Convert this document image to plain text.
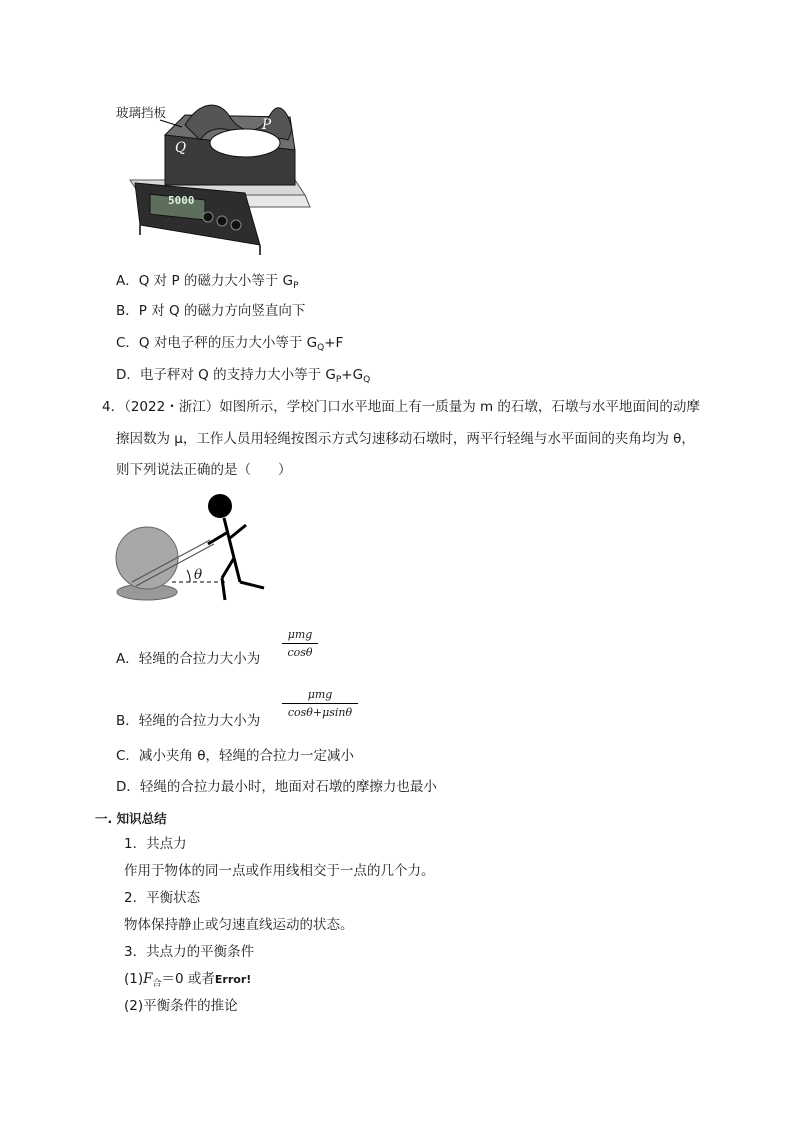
玻璃挡板
Q
P
5000
A．Q 对 P 的磁力大小等于 $G_P$
B．P 对 Q 的磁力方向竖直向下
C．Q 对电子秤的压力大小等于 $G_Q+F$
D．电子秤对 Q 的支持力大小等于 $G_P+G_Q$
4．（2022・浙江）如图所示，学校门口水平地面上有一质量为 m 的石墩，石墩与水平地面间的动摩
擦因数为 μ，工作人员用轻绳按图示方式匀速移动石墩时，两平行轻绳与水平面间的夹角均为 θ，
则下列说法正确的是（　　）
θ
A．轻绳的合拉力大小为
μmg
cosθ
B．轻绳的合拉力大小为
μmg
cosθ+μsinθ
C．减小夹角 θ，轻绳的合拉力一定减小
D．轻绳的合拉力最小时，地面对石墩的摩擦力也最小
一. 知识总结
1．共点力
作用于物体的同一点或作用线相交于一点的几个力。
2．平衡状态
物体保持静止或匀速直线运动的状态。
3．共点力的平衡条件
$(1)F_合=0$ 或者Error!
(2)平衡条件的推论
